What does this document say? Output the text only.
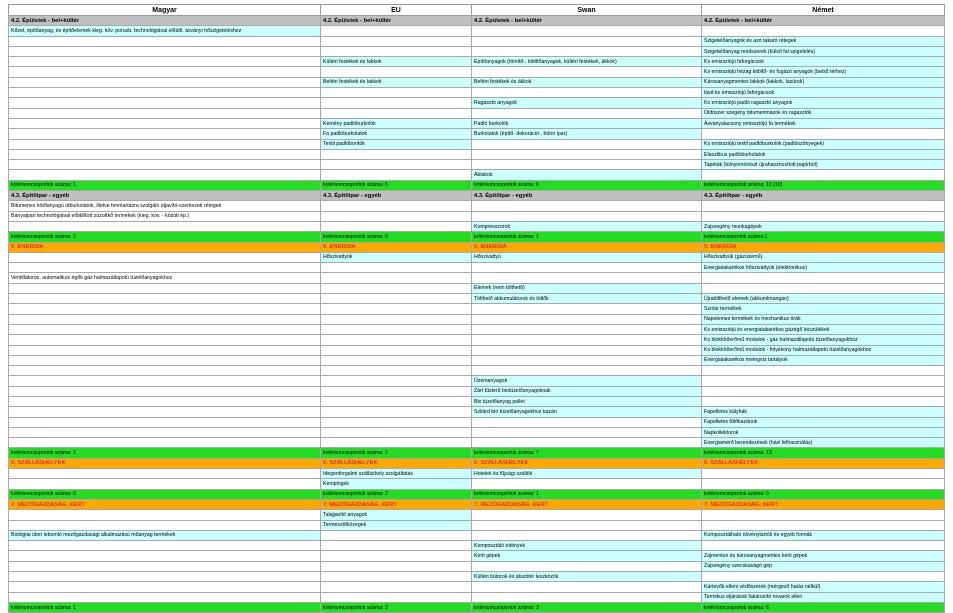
Magyar	EU	Swan	Német
4.2. Épületek - bel+kültér	4.2. Épületek - bel+kültér	4.2. Épületek - bel+kültér	4.2. Épületek - bel+kültér
Kőzet, építőanyag, és építőelemek kieg. köv. porusb. technológiával előállt. ásványi hőszigeteléshez			
			Szigetelőanyagok és azó takaró rétegek
			Szigetelőanyag rendszerek (külső fal szigetelés)
	Kültéri festékek és lakkok	Építőanyagok (tömítő-, kitöltőanyagok, kültéri festékek, ákkok)	Ks emissziójú faforgácsok
			Ks emissziójú hézag kitöltő- és fugázó anyagok (belső térhez)
	Beltéri festékek és lakkok	Beltéri festékek és ákkok	Károsanyagmentes lakkok (lakkok, lazúrok)
			lásd ks emissziójú faforgácsok
		Ragasztó anyagok	Ks emissziójú padló ragasztó anyagok
			Oldószer szegény bitumenmázok és ragasztók
	Kemény padlóburkolók	Padló burkolók	Ásványalacsony emissziójú fa termékek
	Fa padlóburkolatok	Burkolatok (építő- dekoráció-, bútor ipar)	
	Textil padlóborítók		Ks emissziójú textil padlóburkolók (padlószőnyegek)
			Elasztikus padlóburkolatok
			Tapéták (túlnyomórészt újrahasznosított papírból)
		Ablakok	
kritériumcsoportok száma: 1	kritériumcsoportok száma: 6	kritériumcsoportok száma: 6	kritériumcsoportok száma: 12 (10)
4.3. Építőipar - egyéb	4.3. Építőipar - egyéb	4.3. Építőipar - egyéb	4.3. Építőipar - egyéb
Bitumenes kötőanyagú útburkolatok, illetve fenntartásra szolgáló útjavító-szerkezeti rétegek			
Bányaipari technológiával előállított zúzottkő termékek (kieg. köv. - közúti ép.)			
		Kompresszorok	Zajszegény munkagépek
kritériumcsoportok száma: 2	kritériumcsoportok száma: 0	kritériumcsoportok száma: 1	kritériumcsoportok száma:1
5. ENERGIA	5. ENERGIA	5. ENERGIA	5. ENERGIA
	Hőszivattyúk	Hőszivattyú	Hőszivattyúk (gázüzemű)
			Energiatakarékos hőszivattyúk (elektronikus)
Ventillátoros, automatikus égők gáz halmazállapotú tüzelőanyagokhoz			
		Elemek (nem tölthető)	
		Tölthető akkumulátorok és töltők	Újratölthető elemek (akkumlmangán)
			Szolár termékek
			Napelemes termékek és mechanikus órák
			Ks emissziójú és energiatakarékos gázégő készülékek
			Ks blokkhőerőmű modulok - gáz halmazállapotú tüzelőanyagokhoz
			Ks blokkhőerőmű modulok - folyékony halmazállapotú tüzelőanyagokhoz
			Energiatakarékos melegvíz tartályok

		Üzemanyagok	
		Zárt tűzterű biotüzelőanyagoknak	
		Bio tüzelőanyag pellet	
		Szilárd bio tüzelőanyagokhoz kazán	Fapelletes kályhák
			Fapelletes fűtőkazánok
			Napkollektorok
			Energiamérő berendezések (házi felhasználás)
kritériumcsoportok száma: 1	kritériumcsoportok száma: 1	kritériumcsoportok száma: 7	kritériumcsoportok száma: 13
6. SZÁLLÁSHELYEK	6. SZÁLLÁSHELYEK	6. SZÁLLÁSHELYEK	6. SZÁLLÁSHELYEK
	Idegenforgalmi szálláshely szolgáltatás	Hotelek és fűjsági szállók	
	Kempingek		
kritériumcsoportok száma: 0	kritériumcsoportok száma: 2	kritériumcsoportok száma: 1	kritériumcsoportok száma: 0
7. MEZŐGAZDASÁG, KERT	7. MEZŐGAZDASÁG, KERT	7. MEZŐGAZDASÁG, KERT	7. MEZŐGAZDASÁG, KERT
	Talajjavító anyagok		
	Termesztőközegek		
Biológiai úton lebomló mezőgazdasági alkalmazású műanyag termékek			Komposztálható növénytartók és egyéb formák
		Komposztáló edények	
		Kerti gépek	Zajmentes és károsanyagmentes kerti gépek
			Zajszegény szecskavágó gép
		Kültéri bútorok és átszótér leszközök	
			Kártevők elleni védőszerek (mérgező hatás nélkül)
			Termikus eljárások fakárosító rovarok ellen
kritériumcsoportok száma: 1	kritériumcsoportok száma: 2	kritériumcsoportok száma: 3	kritériumcsoportok száma: 6
